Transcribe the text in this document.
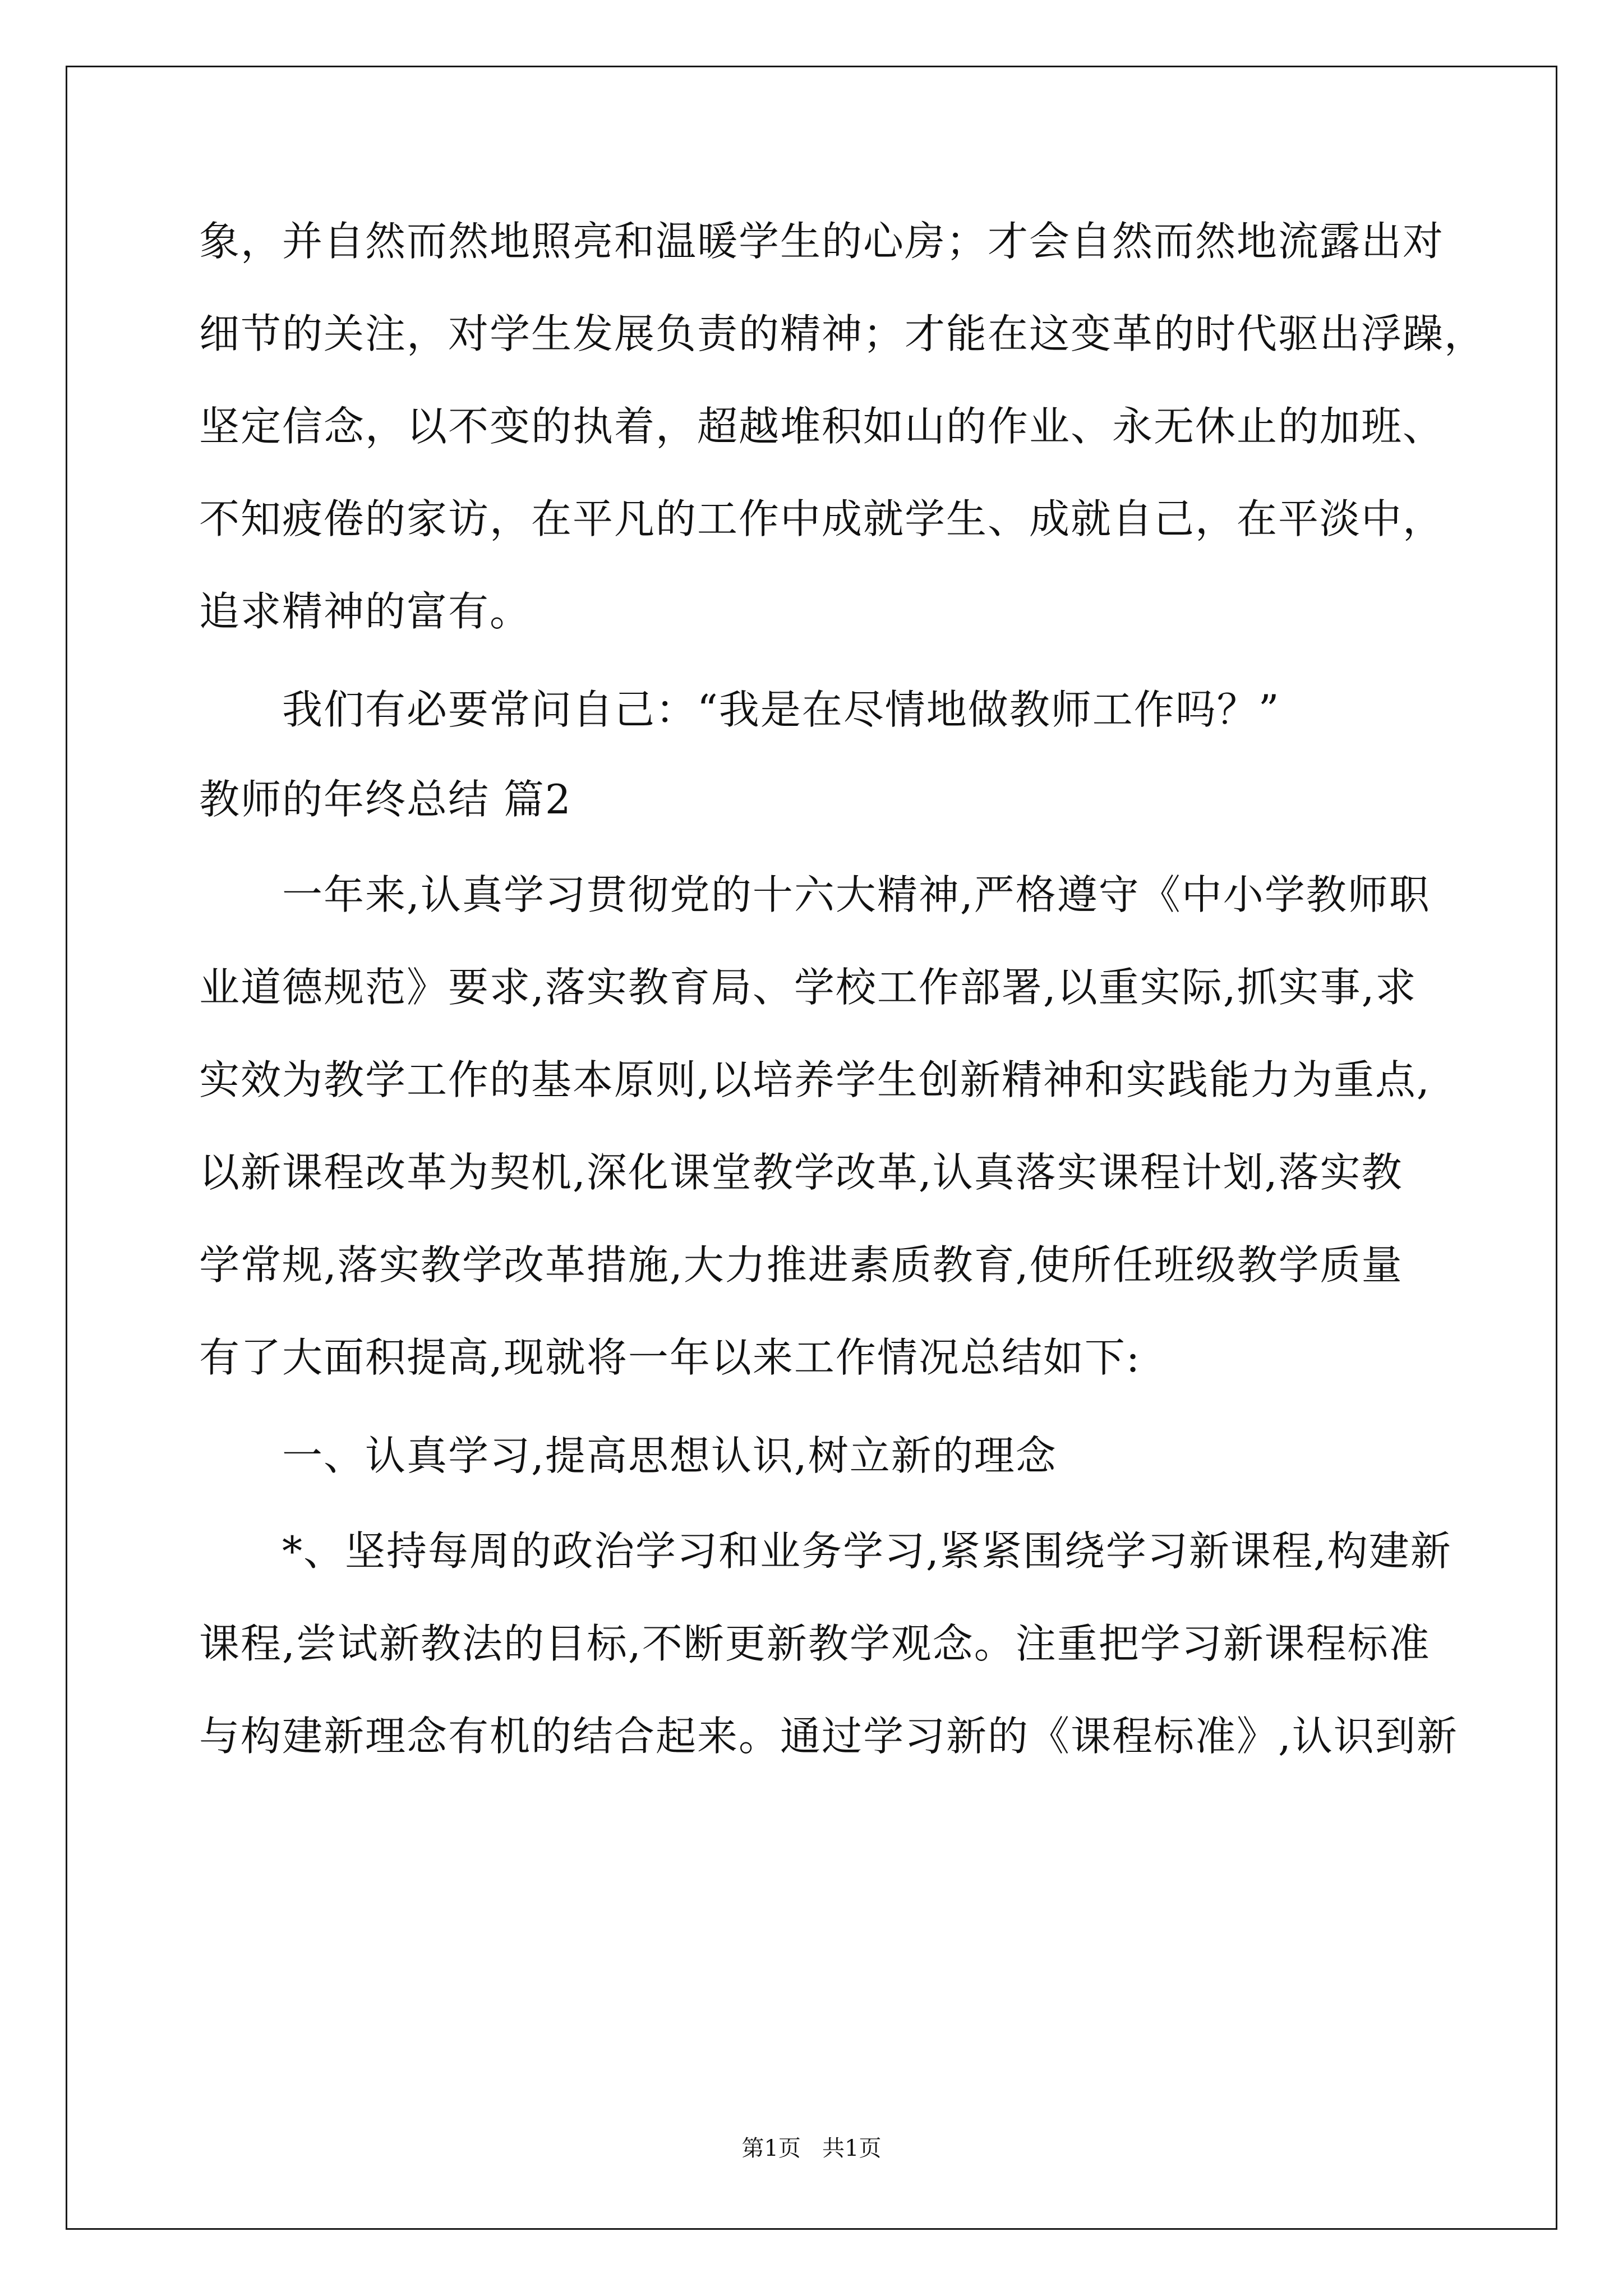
象，并自然而然地照亮和温暖学生的心房；才会自然而然地流露出对
细节的关注，对学生发展负责的精神；才能在这变革的时代驱出浮躁，
坚定信念，以不变的执着，超越堆积如山的作业、永无休止的加班、
不知疲倦的家访，在平凡的工作中成就学生、成就自己，在平淡中，
追求精神的富有。
我们有必要常问自己：“我是在尽情地做教师工作吗？”
教师的年终总结 篇2
一年来,认真学习贯彻党的十六大精神,严格遵守《中小学教师职
业道德规范》要求,落实教育局、学校工作部署,以重实际,抓实事,求
实效为教学工作的基本原则,以培养学生创新精神和实践能力为重点,
以新课程改革为契机,深化课堂教学改革,认真落实课程计划,落实教
学常规,落实教学改革措施,大力推进素质教育,使所任班级教学质量
有了大面积提高,现就将一年以来工作情况总结如下:
一、认真学习,提高思想认识,树立新的理念
*、坚持每周的政治学习和业务学习,紧紧围绕学习新课程,构建新
课程,尝试新教法的目标,不断更新教学观念。注重把学习新课程标准
与构建新理念有机的结合起来。通过学习新的《课程标准》,认识到新
第1页   共1页
